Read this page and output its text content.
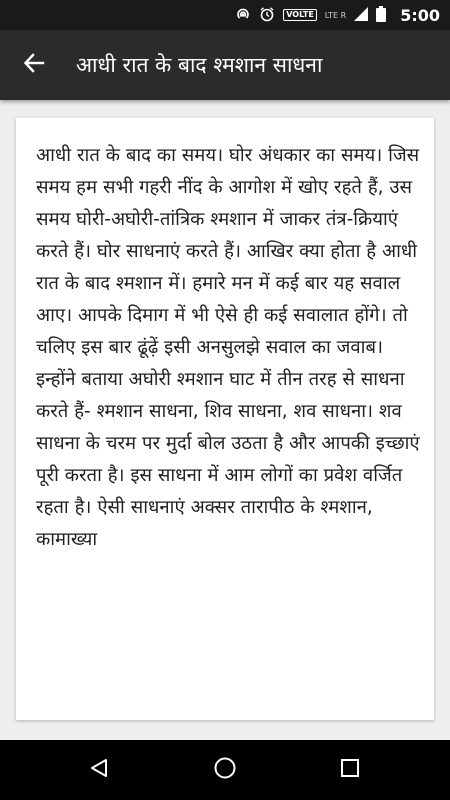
VOLTE	LTE R	5:00
आधी रात के बाद श्मशान साधना

आधी रात के बाद का समय। घोर अंधकार का समय। जिस समय हम सभी गहरी नींद के आगोश में खोए रहते हैं, उस समय घोरी-अघोरी-तांत्रिक श्मशान में जाकर तंत्र-क्रियाएं करते हैं। घोर साधनाएं करते हैं। आखिर क्या होता है आधी रात के बाद श्मशान में। हमारे मन में कई बार यह सवाल आए। आपके दिमाग में भी ऐसे ही कई सवालात होंगे। तो चलिए इस बार ढूंढ़ें इसी अनसुलझे सवाल का जवाब।इन्होंने बताया अघोरी श्मशान घाट में तीन तरह से साधना करते हैं- श्मशान साधना, शिव साधना, शव साधना। शव साधना के चरम पर मुर्दा बोल उठता है और आपकी इच्छाएं पूरी करता है। इस साधना में आम लोगों का प्रवेश वर्जित रहता है। ऐसी साधनाएं अक्सर तारापीठ के श्मशान, कामाख्या
